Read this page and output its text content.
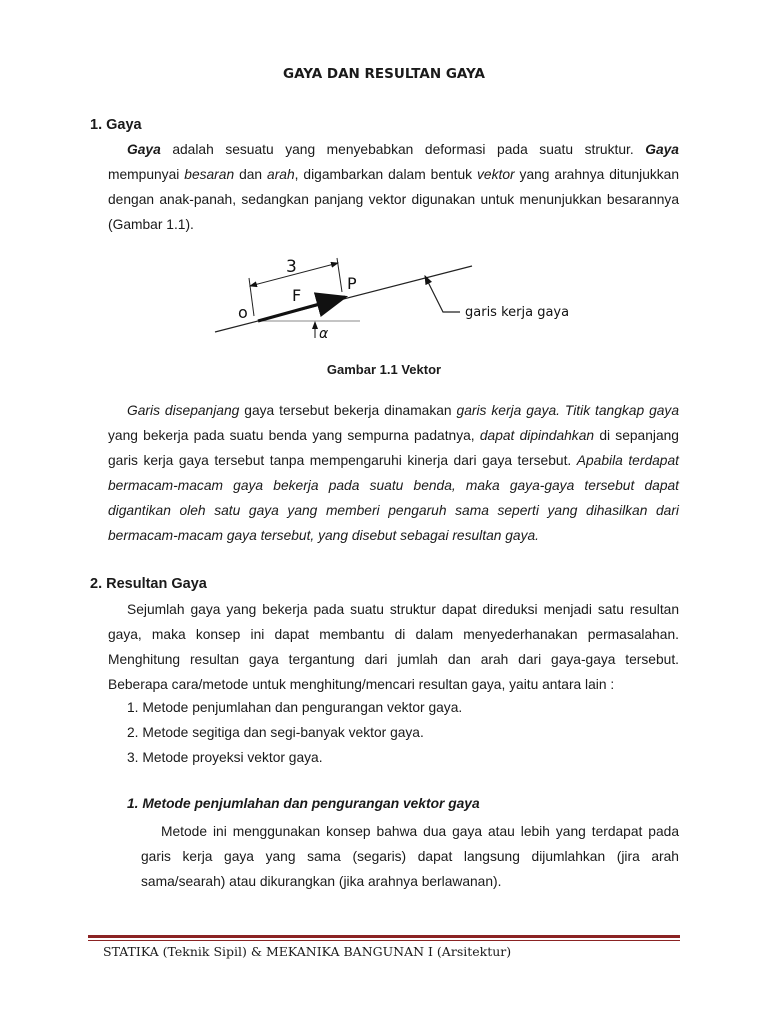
GAYA DAN RESULTAN GAYA
1. Gaya
Gaya adalah sesuatu yang menyebabkan deformasi pada suatu struktur. Gaya
mempunyai besaran dan arah, digambarkan dalam bentuk vektor yang arahnya ditunjukkan
dengan anak-panah, sedangkan panjang vektor digunakan untuk menunjukkan besarannya
(Gambar 1.1).
3
F
P
o
α
garis kerja gaya
Gambar 1.1 Vektor
Garis disepanjang gaya tersebut bekerja dinamakan garis kerja gaya. Titik tangkap gaya
yang bekerja pada suatu benda yang sempurna padatnya, dapat dipindahkan di sepanjang
garis kerja gaya tersebut tanpa mempengaruhi kinerja dari gaya tersebut. Apabila terdapat
bermacam-macam gaya bekerja pada suatu benda, maka gaya-gaya tersebut dapat
digantikan oleh satu gaya yang memberi pengaruh sama seperti yang dihasilkan dari
bermacam-macam gaya tersebut, yang disebut sebagai resultan gaya.
2. Resultan Gaya
Sejumlah gaya yang bekerja pada suatu struktur dapat direduksi menjadi satu resultan
gaya, maka konsep ini dapat membantu di dalam menyederhanakan permasalahan.
Menghitung resultan gaya tergantung dari jumlah dan arah dari gaya-gaya tersebut.
Beberapa cara/metode untuk menghitung/mencari resultan gaya, yaitu antara lain :
1. Metode penjumlahan dan pengurangan vektor gaya.
2. Metode segitiga dan segi-banyak vektor gaya.
3. Metode proyeksi vektor gaya.
1. Metode penjumlahan dan pengurangan vektor gaya
Metode ini menggunakan konsep bahwa dua gaya atau lebih yang terdapat pada
garis kerja gaya yang sama (segaris) dapat langsung dijumlahkan (jira arah
sama/searah) atau dikurangkan (jika arahnya berlawanan).
STATIKA (Teknik Sipil) & MEKANIKA BANGUNAN I (Arsitektur)
